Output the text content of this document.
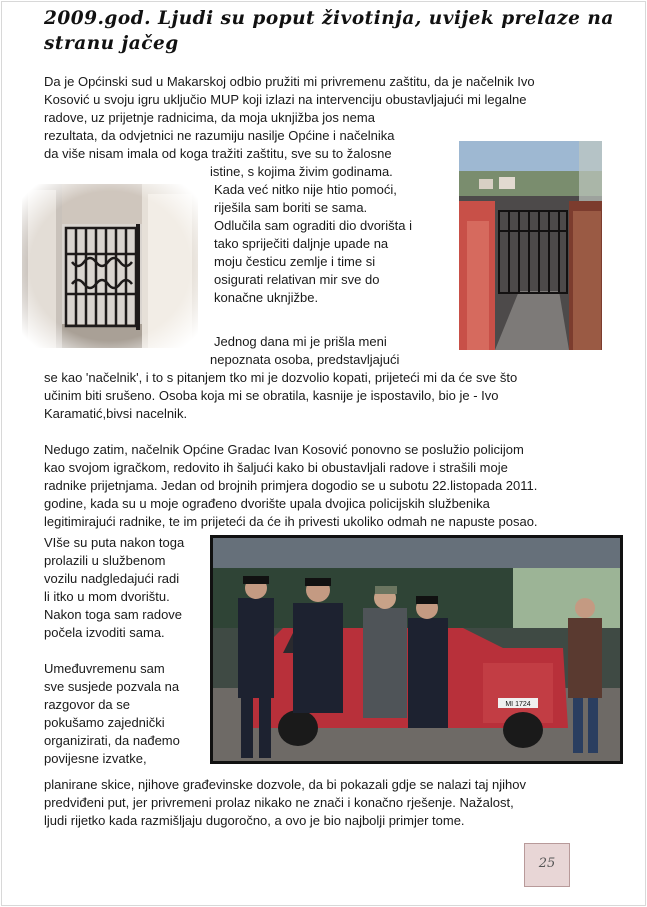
2009.god. Ljudi su poput životinja, uvijek prelaze na
stranu jačeg
Da je Općinski sud u Makarskoj odbio pružiti mi privremenu zaštitu, da je načelnik Ivo
Kosović u svoju igru uključio MUP koji izlazi na intervenciju obustavljajući mi legalne
radove, uz prijetnje radnicima, da moja uknjižba jos nema
rezultata, da odvjetnici ne razumiju nasilje Općine i načelnika
da više nisam imala od koga tražiti zaštitu, sve su to žalosne
istine, s kojima živim godinama.
Kada već nitko nije htio pomoći,
riješila sam boriti se sama.
Odlučila sam ograditi dio dvorišta i
tako spriječiti daljnje upade na
moju česticu zemlje i time si
osigurati relativan mir sve do
konačne uknjižbe.
Jednog dana mi je prišla meni
nepoznata osoba, predstavljajući
se kao 'načelnik', i to s pitanjem tko mi je dozvolio kopati, prijeteći mi da će sve što
učinim biti srušeno. Osoba koja mi se obratila, kasnije je ispostavilo, bio je - Ivo
Karamatić,bivsi nacelnik.
Nedugo zatim, načelnik Općine Gradac Ivan Kosović ponovno se poslužio policijom
kao svojom igračkom, redovito ih šaljući kako bi obustavljali radove i strašili moje
radnike prijetnjama. Jedan od brojnih primjera dogodio se u subotu 22.listopada 2011.
godine, kada su u moje ograđeno dvorište upala dvojica policijskih službenika
legitimirajući radnike, te im prijeteći da će ih privesti ukoliko odmah ne napuste posao.
VIše su puta nakon toga
prolazili u službenom
vozilu nadgledajući radi
li itko u mom dvorištu.
Nakon toga sam radove
počela izvoditi sama.
Umeđuvremenu sam
sve susjede pozvala na
razgovor da se
pokušamo zajednički
organizirati, da nađemo
povijesne izvatke,
planirane skice, njihove građevinske dozvole, da bi pokazali gdje se nalazi taj njihov
predviđeni put, jer privremeni prolaz nikako ne znači i konačno rješenje. Nažalost,
ljudi rijetko kada razmišljaju dugoročno, a ovo je bio najbolji primjer tome.
MI 1724
25
